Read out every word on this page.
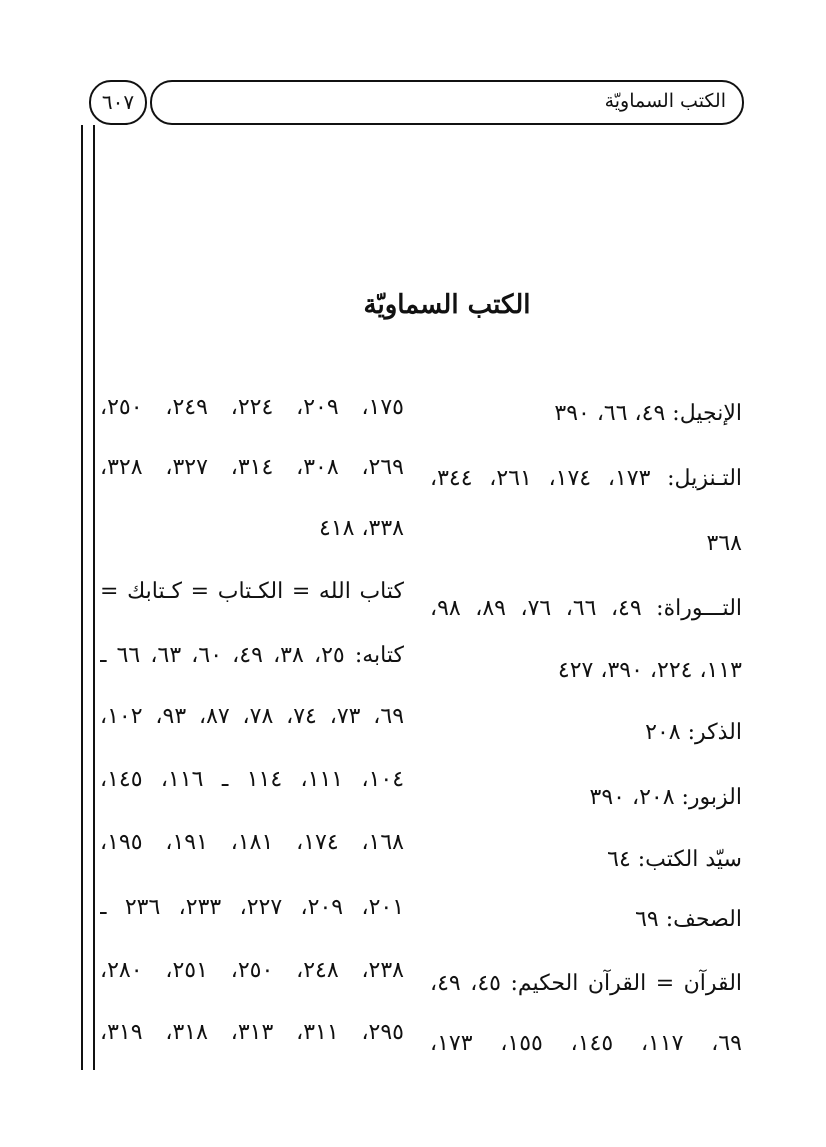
الكتب السماويّة
٦٠٧
الكتب السماويّة
الإنجيل: ٤٩، ٦٦، ٣٩٠
التـنزيل: ١٧٣، ١٧٤، ٢٦١، ٣٤٤،
٣٦٨
التـــوراة: ٤٩، ٦٦، ٧٦، ٨٩، ٩٨،
١١٣، ٢٢٤، ٣٩٠، ٤٢٧
الذكر: ٢٠٨
الزبور: ٢٠٨، ٣٩٠
سيّد الكتب: ٦٤
الصحف: ٦٩
القرآن = القرآن الحكيم: ٤٥، ٤٩،
٦٩، ١١٧، ١٤٥، ١٥٥، ١٧٣،
١٧٥، ٢٠٩، ٢٢٤، ٢٤٩، ٢٥٠،
٢٦٩، ٣٠٨، ٣١٤، ٣٢٧، ٣٢٨،
٣٣٨، ٤١٨
كتاب الله = الكـتاب = كـتابك =
كتابه: ٢٥، ٣٨، ٤٩، ٦٠، ٦٣، ٦٦ ـ
٦٩، ٧٣، ٧٤، ٧٨، ٨٧، ٩٣، ١٠٢،
١٠٤، ١١١، ١١٤ ـ ١١٦، ١٤٥،
١٦٨، ١٧٤، ١٨١، ١٩١، ١٩٥،
٢٠١، ٢٠٩، ٢٢٧، ٢٣٣، ٢٣٦ ـ
٢٣٨، ٢٤٨، ٢٥٠، ٢٥١، ٢٨٠،
٢٩٥، ٣١١، ٣١٣، ٣١٨، ٣١٩،
